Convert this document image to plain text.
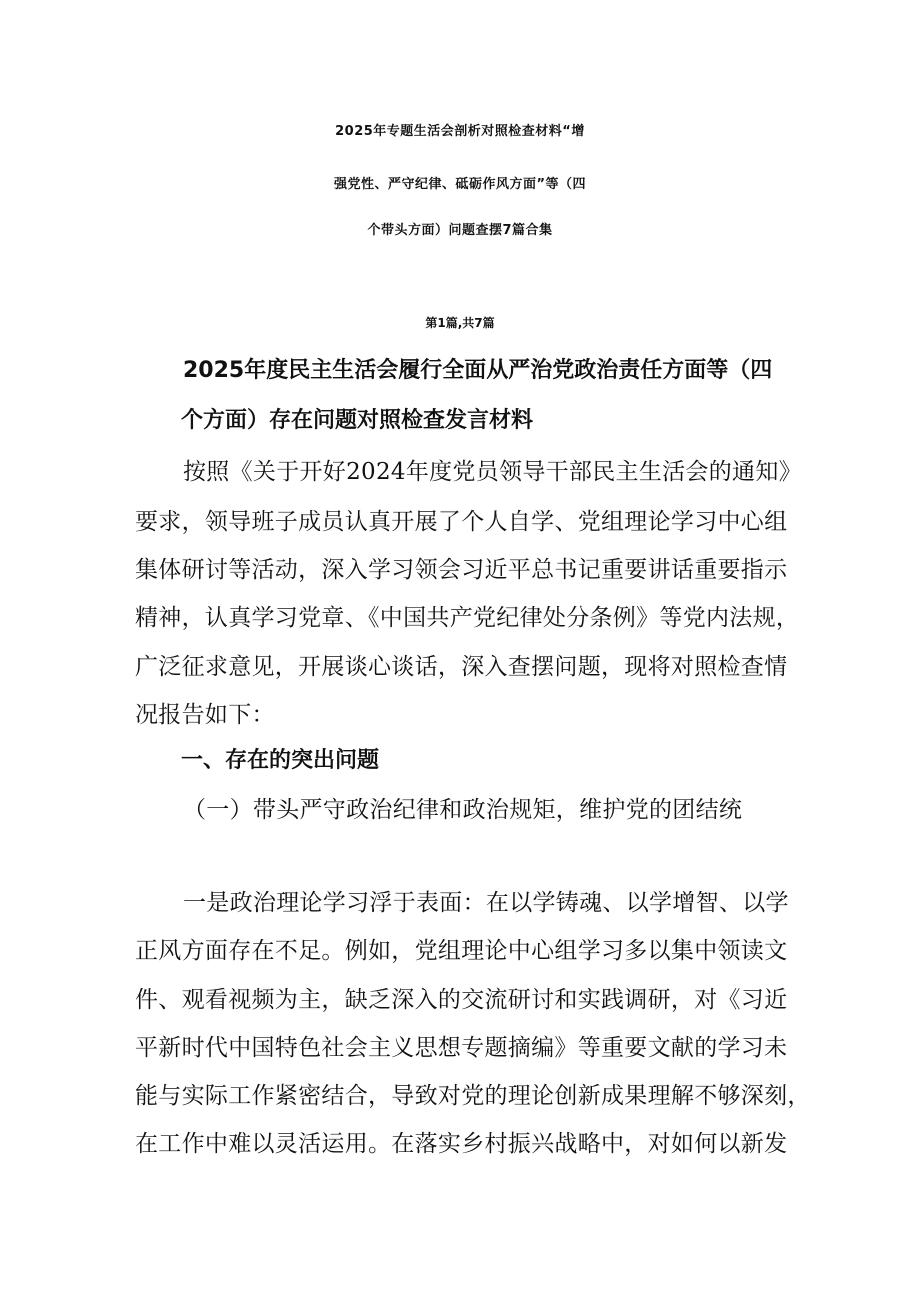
2025年专题生活会剖析对照检查材料“增
强党性、严守纪律、砥砺作风方面”等（四
个带头方面）问题查摆7篇合集
第1篇,共7篇
2025年度民主生活会履行全面从严治党政治责任方面等（四
个方面）存在问题对照检查发言材料
按照《关于开好2024年度党员领导干部民主生活会的通知》
要求，领导班子成员认真开展了个人自学、党组理论学习中心组
集体研讨等活动，深入学习领会习近平总书记重要讲话重要指示
精神，认真学习党章、《中国共产党纪律处分条例》等党内法规，
广泛征求意见，开展谈心谈话，深入查摆问题，现将对照检查情
况报告如下：
一、存在的突出问题
（一）带头严守政治纪律和政治规矩，维护党的团结统
一是政治理论学习浮于表面：在以学铸魂、以学增智、以学
正风方面存在不足。例如，党组理论中心组学习多以集中领读文
件、观看视频为主，缺乏深入的交流研讨和实践调研，对《习近
平新时代中国特色社会主义思想专题摘编》等重要文献的学习未
能与实际工作紧密结合，导致对党的理论创新成果理解不够深刻，
在工作中难以灵活运用。在落实乡村振兴战略中，对如何以新发
